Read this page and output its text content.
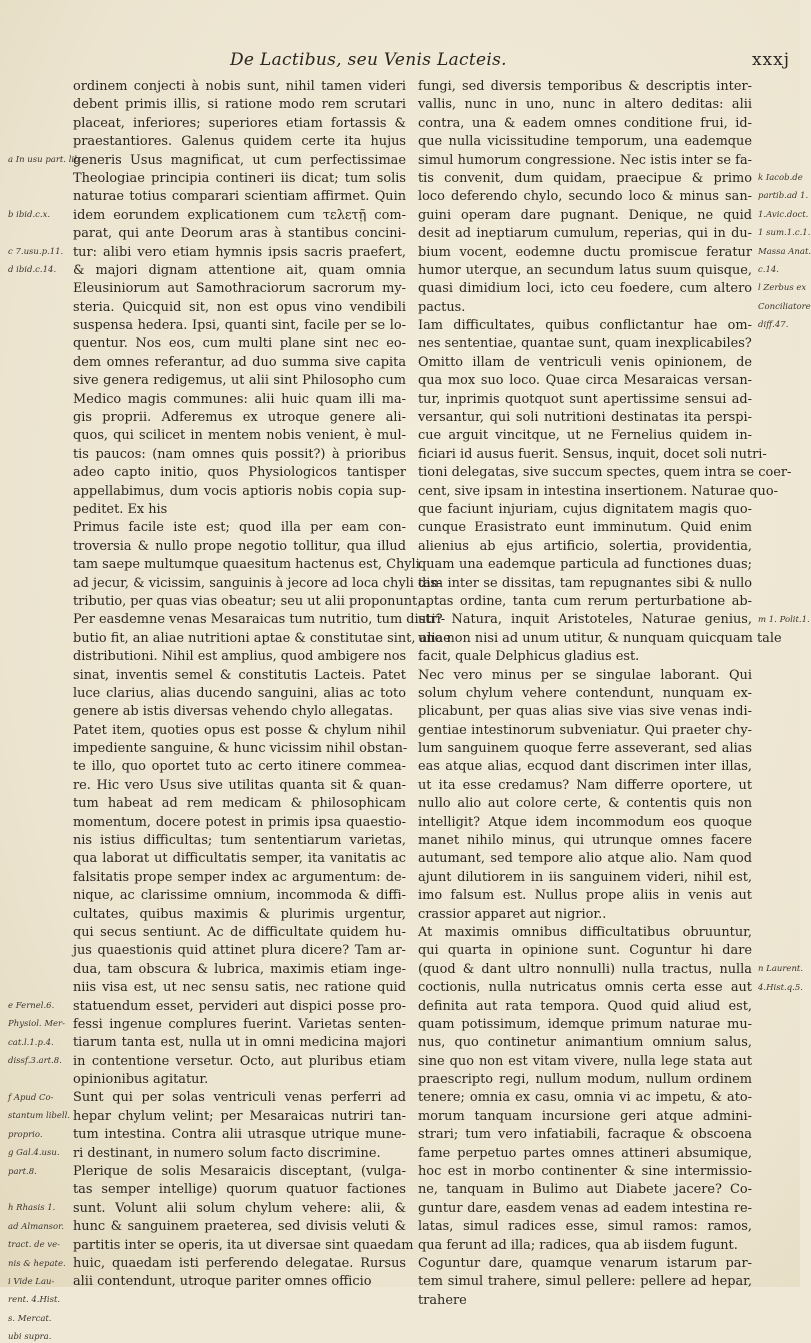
De Lactibus, seu Venis Lacteis.	xxxj
ordinem conjecti à nobis sunt, nihil tamen videri
debent primis illis, si ratione modo rem scrutari
placeat, inferiores; superiores etiam fortassis &
praestantiores. Galenus quidem certe ita hujus
generis Usus magnificat, ut cum perfectissimae
Theologiae principia contineri iis dicat; tum solis
naturae totius comparari scientiam affirmet. Quin
idem eorundem explicationem cum τελετῇ com-
parat, qui ante Deorum aras à stantibus concini-
tur: alibi vero etiam hymnis ipsis sacris praefert,
& majori dignam attentione ait, quam omnia
Eleusiniorum aut Samothraciorum sacrorum my-
steria. Quicquid sit, non est opus vino vendibili
suspensa hedera. Ipsi, quanti sint, facile per se lo-
quentur. Nos eos, cum multi plane sint nec eo-
dem omnes referantur, ad duo summa sive capita
sive genera redigemus, ut alii sint Philosopho cum
Medico magis communes: alii huic quam illi ma-
gis proprii. Adferemus ex utroque genere ali-
quos, qui scilicet in mentem nobis venient, è mul-
tis paucos: (nam omnes quis possit?) à prioribus
adeo capto initio, quos Physiologicos tantisper
appellabimus, dum vocis aptioris nobis copia sup-
peditet. Ex his
Primus facile iste est; quod illa per eam con-
troversia & nullo prope negotio tollitur, qua illud
tam saepe multumque quaesitum hactenus est, Chyli
ad jecur, & vicissim, sanguinis à jecore ad loca chyli dis-
tributio, per quas vias obeatur; seu ut alii proponunt,
Per easdemne venas Mesaraicas tum nutritio, tum distri-
butio fit, an aliae nutritioni aptae & constitutae sint, aliae
distributioni. Nihil est amplius, quod ambigere nos
sinat, inventis semel & constitutis Lacteis. Patet
luce clarius, alias ducendo sanguini, alias ac toto
genere ab istis diversas vehendo chylo allegatas.
Patet item, quoties opus est posse & chylum nihil
impediente sanguine, & hunc vicissim nihil obstan-
te illo, quo oportet tuto ac certo itinere commea-
re. Hic vero Usus sive utilitas quanta sit & quan-
tum habeat ad rem medicam & philosophicam
momentum, docere potest in primis ipsa quaestio-
nis istius difficultas; tum sententiarum varietas,
qua laborat ut difficultatis semper, ita vanitatis ac
falsitatis prope semper index ac argumentum: de-
nique, ac clarissime omnium, incommoda & diffi-
cultates, quibus maximis & plurimis urgentur,
qui secus sentiunt. Ac de difficultate quidem hu-
jus quaestionis quid attinet plura dicere? Tam ar-
dua, tam obscura & lubrica, maximis etiam inge-
niis visa est, ut nec sensu satis, nec ratione quid
statuendum esset, pervideri aut dispici posse pro-
fessi ingenue complures fuerint. Varietas senten-
tiarum tanta est, nulla ut in omni medicina majori
in contentione versetur. Octo, aut pluribus etiam
opinionibus agitatur.
Sunt qui per solas ventriculi venas perferri ad
hepar chylum velint; per Mesaraicas nutriri tan-
tum intestina. Contra alii utrasque utrique mune-
ri destinant, in numero solum facto discrimine.
Plerique de solis Mesaraicis disceptant, (vulga-
tas semper intellige) quorum quatuor factiones
sunt. Volunt alii solum chylum vehere: alii, &
hunc & sanguinem praeterea, sed divisis veluti &
partitis inter se operis, ita ut diversae sint quaedam
huic, quaedam isti perferendo delegatae. Rursus
alii contendunt, utroque pariter omnes officio
fungi, sed diversis temporibus & descriptis inter-
vallis, nunc in uno, nunc in altero deditas: alii
contra, una & eadem omnes conditione frui, id-
que nulla vicissitudine temporum, una eademque
simul humorum congressione. Nec istis inter se fa-
tis convenit, dum quidam, praecipue & primo
loco deferendo chylo, secundo loco & minus san-
guini operam dare pugnant. Denique, ne quid
desit ad ineptiarum cumulum, reperias, qui in du-
bium vocent, eodemne ductu promiscue feratur
humor uterque, an secundum latus suum quisque,
quasi dimidium loci, icto ceu foedere, cum altero
pactus.
Iam difficultates, quibus conflictantur hae om-
nes sententiae, quantae sunt, quam inexplicabiles?
Omitto illam de ventriculi venis opinionem, de
qua mox suo loco. Quae circa Mesaraicas versan-
tur, inprimis quotquot sunt apertissime sensui ad-
versantur, qui soli nutritioni destinatas ita perspi-
cue arguit vincitque, ut ne Fernelius quidem in-
ficiari id ausus fuerit. Sensus, inquit, docet soli nutri-
tioni delegatas, sive succum spectes, quem intra se coer-
cent, sive ipsam in intestina insertionem. Naturae quo-
que faciunt injuriam, cujus dignitatem magis quo-
cunque Erasistrato eunt imminutum. Quid enim
alienius ab ejus artificio, solertia, providentia,
quam una eademque particula ad functiones duas;
tam inter se dissitas, tam repugnantes sibi & nullo
aptas ordine, tanta cum rerum perturbatione ab-
uti? Natura, inquit Aristoteles, Naturae genius,
uno non nisi ad unum utitur, & nunquam quicquam tale
facit, quale Delphicus gladius est.
Nec vero minus per se singulae laborant. Qui
solum chylum vehere contendunt, nunquam ex-
plicabunt, per quas alias sive vias sive venas indi-
gentiae intestinorum subveniatur. Qui praeter chy-
lum sanguinem quoque ferre asseverant, sed alias
eas atque alias, ecquod dant discrimen inter illas,
ut ita esse credamus? Nam differre oportere, ut
nullo alio aut colore certe, & contentis quis non
intelligit? Atque idem incommodum eos quoque
manet nihilo minus, qui utrunque omnes facere
autumant, sed tempore alio atque alio. Nam quod
ajunt dilutiorem in iis sanguinem videri, nihil est,
imo falsum est. Nullus prope aliis in venis aut
crassior apparet aut nigrior..
At maximis omnibus difficultatibus obruuntur,
qui quarta in opinione sunt. Coguntur hi dare
(quod & dant ultro nonnulli) nulla tractus, nulla
coctionis, nulla nutricatus omnis certa esse aut
definita aut rata tempora. Quod quid aliud est,
quam potissimum, idemque primum naturae mu-
nus, quo continetur animantium omnium salus,
sine quo non est vitam vivere, nulla lege stata aut
praescripto regi, nullum modum, nullum ordinem
tenere; omnia ex casu, omnia vi ac impetu, & ato-
morum tanquam incursione geri atque admini-
strari; tum vero infatiabili, facraque & obscoena
fame perpetuo partes omnes attineri absumique,
hoc est in morbo continenter & sine intermissio-
ne, tanquam in Bulimo aut Diabete jacere? Co-
guntur dare, easdem venas ad eadem intestina re-
latas, simul radices esse, simul ramos: ramos,
qua ferunt ad illa; radices, qua ab iisdem fugunt.
Coguntur dare, quamque venarum istarum par-
tem simul trahere, simul pellere: pellere ad hepar,
trahere
a In usu part. lib.
b ibid.c.x.
c 7.usu.p.11.
d ibid.c.14.
e Fernel.6.
Physiol. Mer-
cat.l.1.p.4.
dissf.3.art.8.
f Apud Co-
stantum libell.
proprio.
g Gal.4.usu.
part.8.
h Rhasis 1.
ad Almansor.
tract. de ve-
nis & hepate.
i Vide Lau-
rent. 4.Hist.
s. Mercat.
ubi supra.
k Iacob.de
partib.ad 1.
1.Avic.doct.
1 sum.1.c.1.
Massa Anat.
c.14.
l Zerbus ex
Conciliatore
diff.47.
m 1. Polit.1.
n Laurent.
4.Hist.q.5.
